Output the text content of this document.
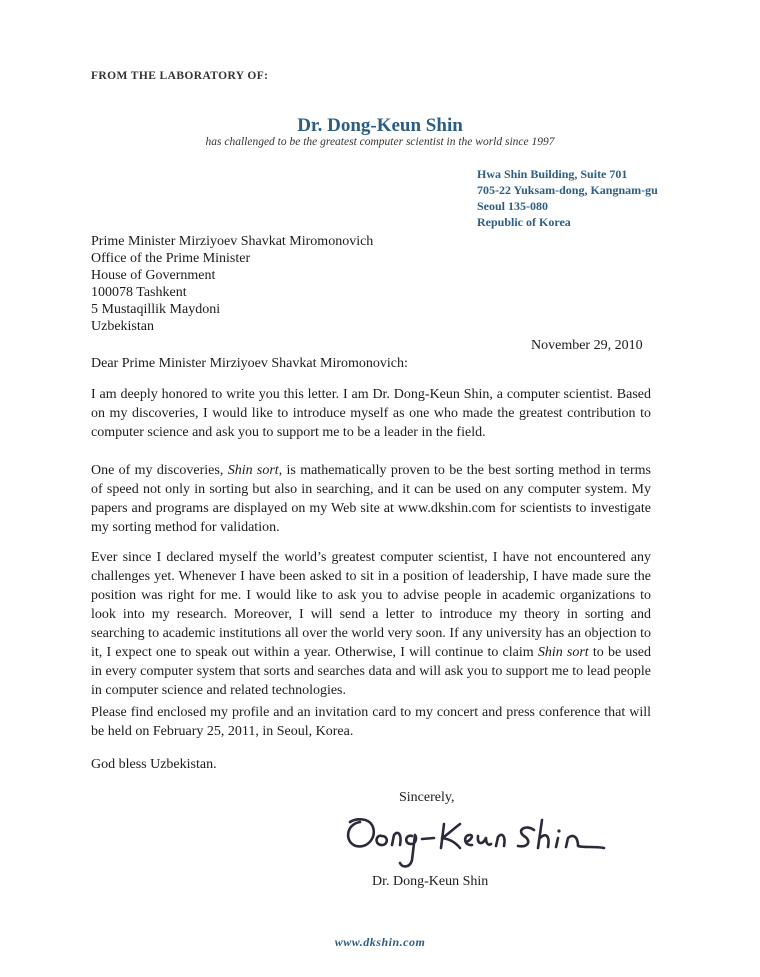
FROM THE LABORATORY OF:
Dr. Dong-Keun Shin
has challenged to be the greatest computer scientist in the world since 1997
Hwa Shin Building, Suite 701
705-22 Yuksam-dong, Kangnam-gu
Seoul 135-080
Republic of Korea
Prime Minister Mirziyoev Shavkat Miromonovich
Office of the Prime Minister
House of Government
100078 Tashkent
5 Mustaqillik Maydoni
Uzbekistan
November 29, 2010
Dear Prime Minister Mirziyoev Shavkat Miromonovich:
I am deeply honored to write you this letter. I am Dr. Dong-Keun Shin, a computer scientist. Based on my discoveries, I would like to introduce myself as one who made the greatest contribution to computer science and ask you to support me to be a leader in the field.
One of my discoveries, Shin sort, is mathematically proven to be the best sorting method in terms of speed not only in sorting but also in searching, and it can be used on any computer system. My papers and programs are displayed on my Web site at www.dkshin.com for scientists to investigate my sorting method for validation.
Ever since I declared myself the world’s greatest computer scientist, I have not encountered any challenges yet. Whenever I have been asked to sit in a position of leadership, I have made sure the position was right for me. I would like to ask you to advise people in academic organizations to look into my research. Moreover, I will send a letter to introduce my theory in sorting and searching to academic institutions all over the world very soon. If any university has an objection to it, I expect one to speak out within a year. Otherwise, I will continue to claim Shin sort to be used in every computer system that sorts and searches data and will ask you to support me to lead people in computer science and related technologies.
Please find enclosed my profile and an invitation card to my concert and press conference that will be held on February 25, 2011, in Seoul, Korea.
God bless Uzbekistan.
Sincerely,
Dong-Keun Shin
Dr. Dong-Keun Shin
www.dkshin.com
